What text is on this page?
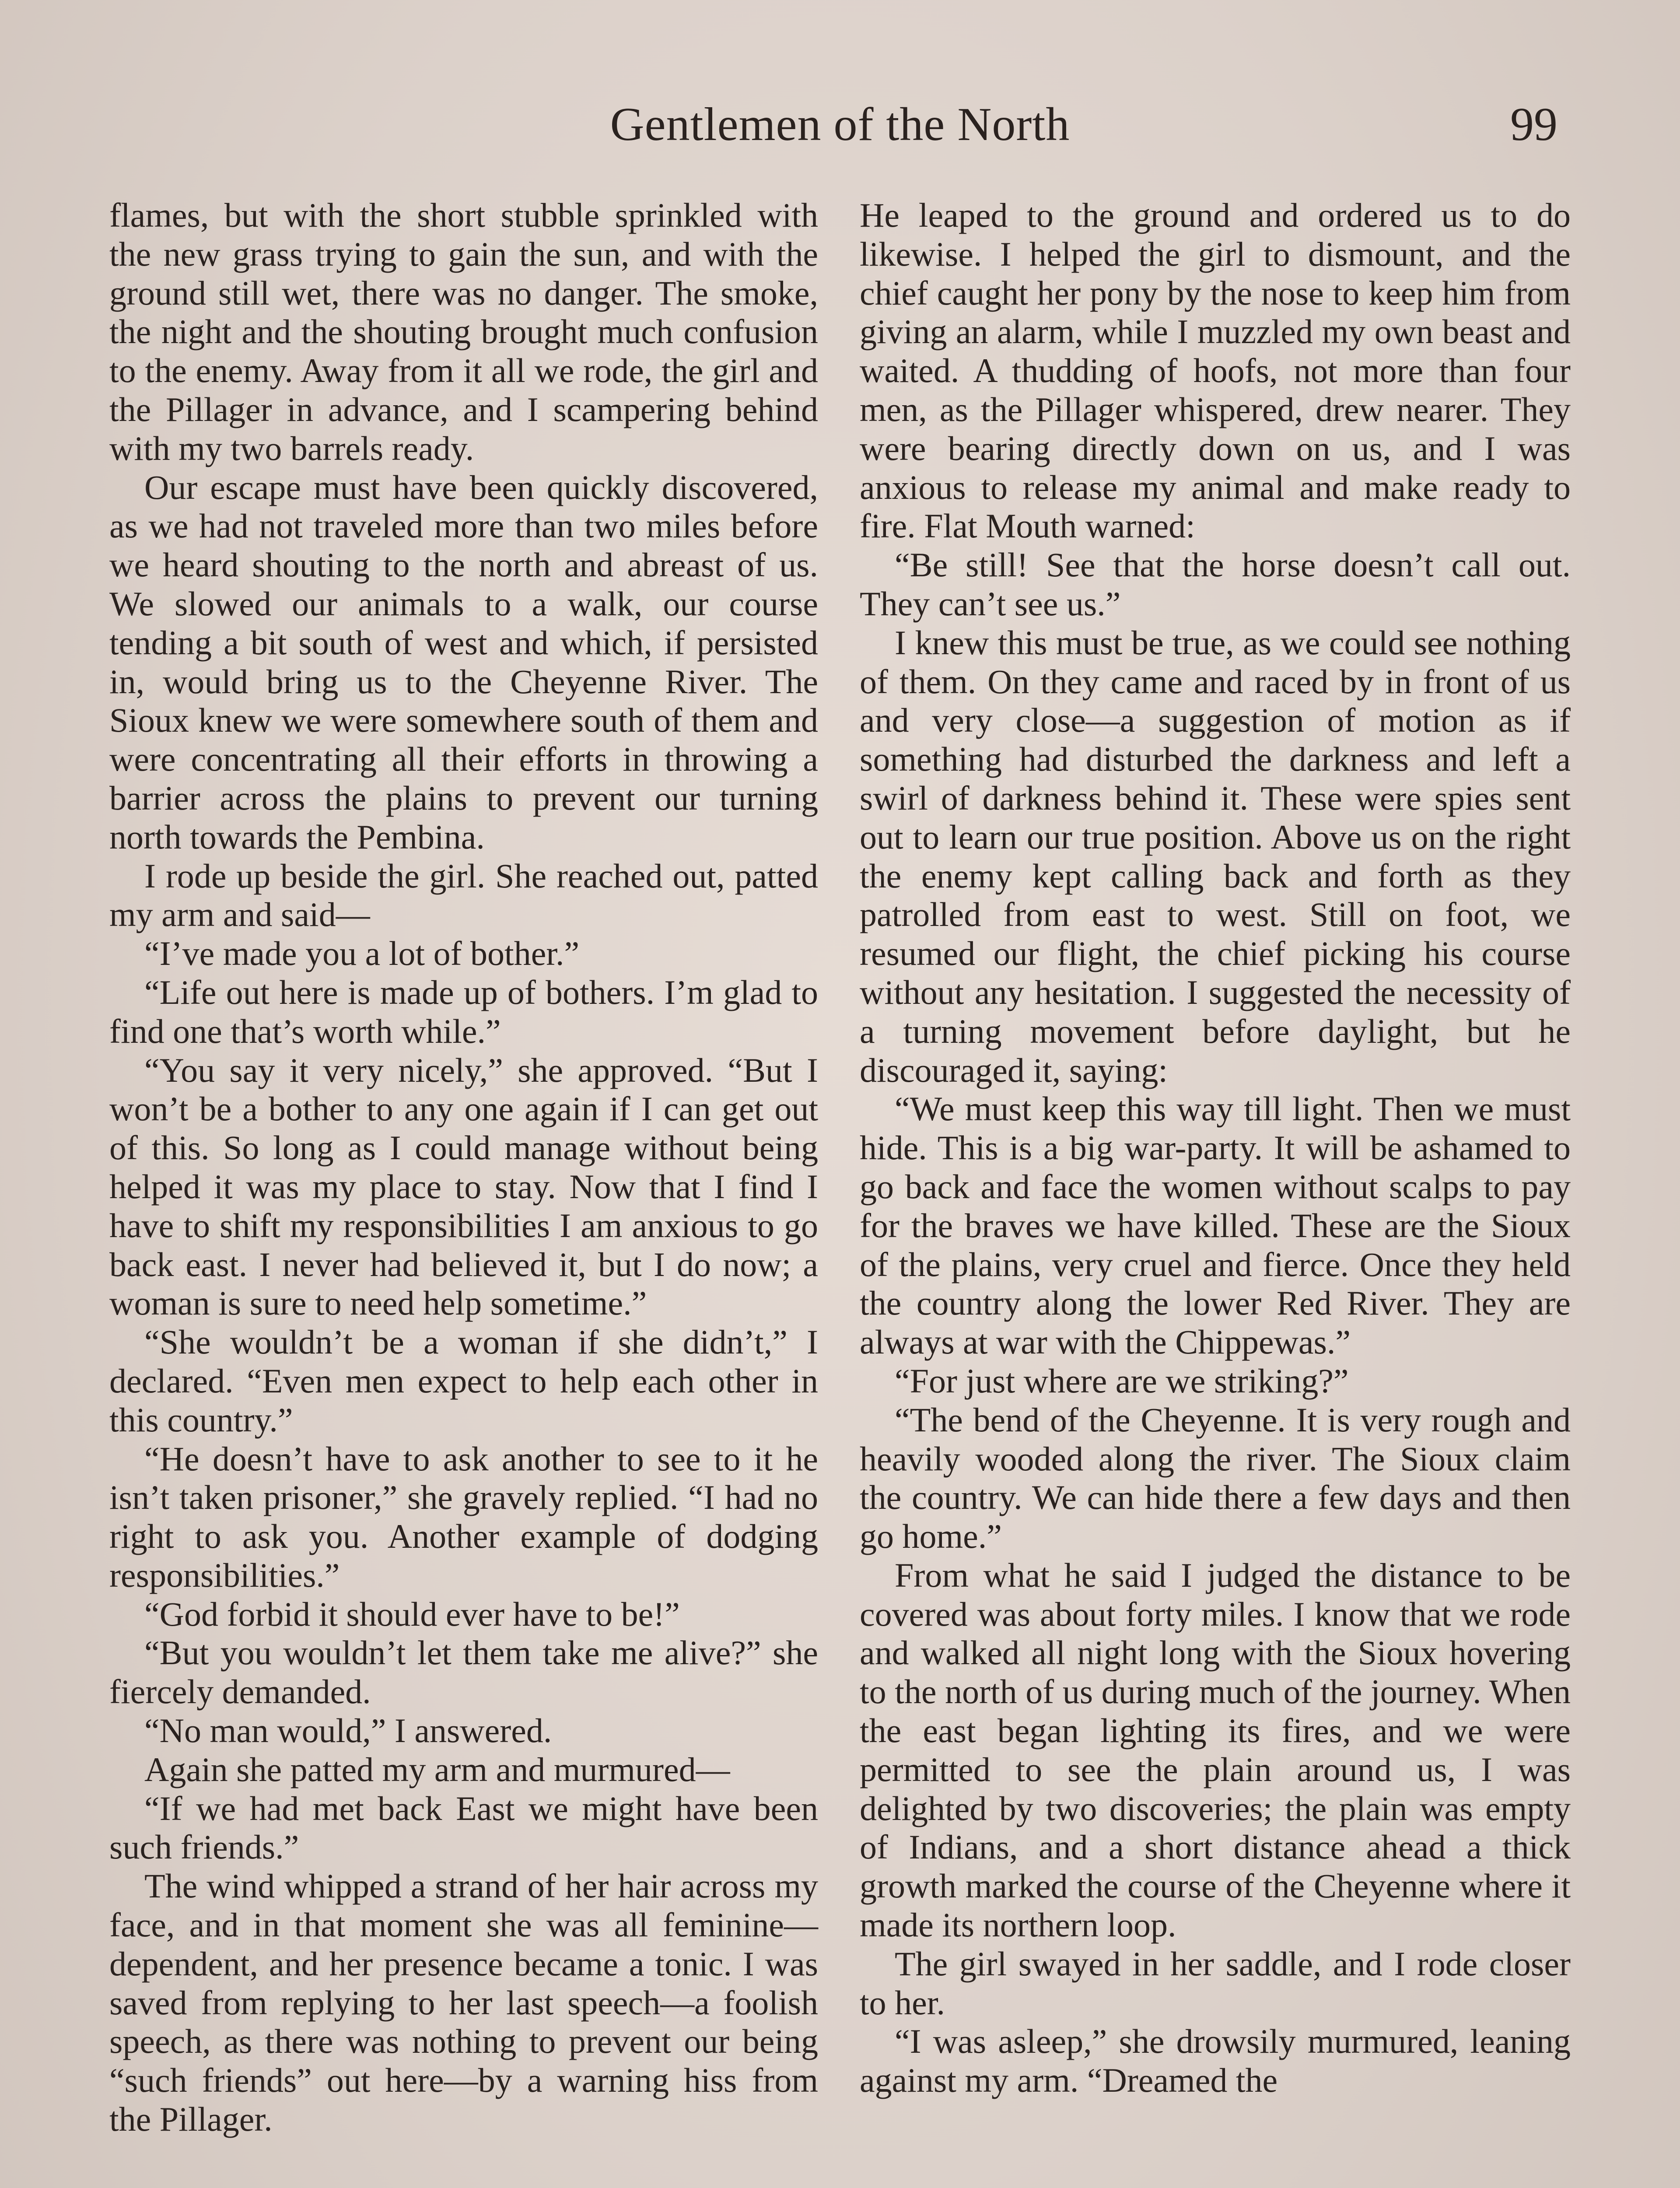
Gentlemen of the North	99

flames, but with the short stubble sprinkled with the new grass trying to gain the sun, and with the ground still wet, there was no danger. The smoke, the night and the shouting brought much confusion to the enemy. Away from it all we rode, the girl and the Pillager in advance, and I scampering behind with my two barrels ready.

Our escape must have been quickly discovered, as we had not traveled more than two miles before we heard shouting to the north and abreast of us. We slowed our animals to a walk, our course tending a bit south of west and which, if persisted in, would bring us to the Cheyenne River. The Sioux knew we were somewhere south of them and were concentrating all their efforts in throwing a barrier across the plains to prevent our turning north towards the Pembina.

I rode up beside the girl. She reached out, patted my arm and said—

“I’ve made you a lot of bother.”

“Life out here is made up of bothers. I’m glad to find one that’s worth while.”

“You say it very nicely,” she approved. “But I won’t be a bother to any one again if I can get out of this. So long as I could manage without being helped it was my place to stay. Now that I find I have to shift my responsibilities I am anxious to go back east. I never had believed it, but I do now; a woman is sure to need help sometime.”

“She wouldn’t be a woman if she didn’t,” I declared. “Even men expect to help each other in this country.”

“He doesn’t have to ask another to see to it he isn’t taken prisoner,” she gravely replied. “I had no right to ask you. Another example of dodging responsibilities.”

“God forbid it should ever have to be!”

“But you wouldn’t let them take me alive?” she fiercely demanded.

“No man would,” I answered.

Again she patted my arm and murmured—

“If we had met back East we might have been such friends.”

The wind whipped a strand of her hair across my face, and in that moment she was all feminine—dependent, and her presence became a tonic. I was saved from replying to her last speech—a foolish speech, as there was nothing to prevent our being “such friends” out here—by a warning hiss from the Pillager.

He leaped to the ground and ordered us to do likewise. I helped the girl to dismount, and the chief caught her pony by the nose to keep him from giving an alarm, while I muzzled my own beast and waited. A thudding of hoofs, not more than four men, as the Pillager whispered, drew nearer. They were bearing directly down on us, and I was anxious to release my animal and make ready to fire. Flat Mouth warned:

“Be still! See that the horse doesn’t call out. They can’t see us.”

I knew this must be true, as we could see nothing of them. On they came and raced by in front of us and very close—a suggestion of motion as if something had disturbed the darkness and left a swirl of darkness behind it. These were spies sent out to learn our true position. Above us on the right the enemy kept calling back and forth as they patrolled from east to west. Still on foot, we resumed our flight, the chief picking his course without any hesitation. I suggested the necessity of a turning movement before daylight, but he discouraged it, saying:

“We must keep this way till light. Then we must hide. This is a big war-party. It will be ashamed to go back and face the women without scalps to pay for the braves we have killed. These are the Sioux of the plains, very cruel and fierce. Once they held the country along the lower Red River. They are always at war with the Chippewas.”

“For just where are we striking?”

“The bend of the Cheyenne. It is very rough and heavily wooded along the river. The Sioux claim the country. We can hide there a few days and then go home.”

From what he said I judged the distance to be covered was about forty miles. I know that we rode and walked all night long with the Sioux hovering to the north of us during much of the journey. When the east began lighting its fires, and we were permitted to see the plain around us, I was delighted by two discoveries; the plain was empty of Indians, and a short distance ahead a thick growth marked the course of the Cheyenne where it made its northern loop.

The girl swayed in her saddle, and I rode closer to her.

“I was asleep,” she drowsily murmured, leaning against my arm. “Dreamed the
